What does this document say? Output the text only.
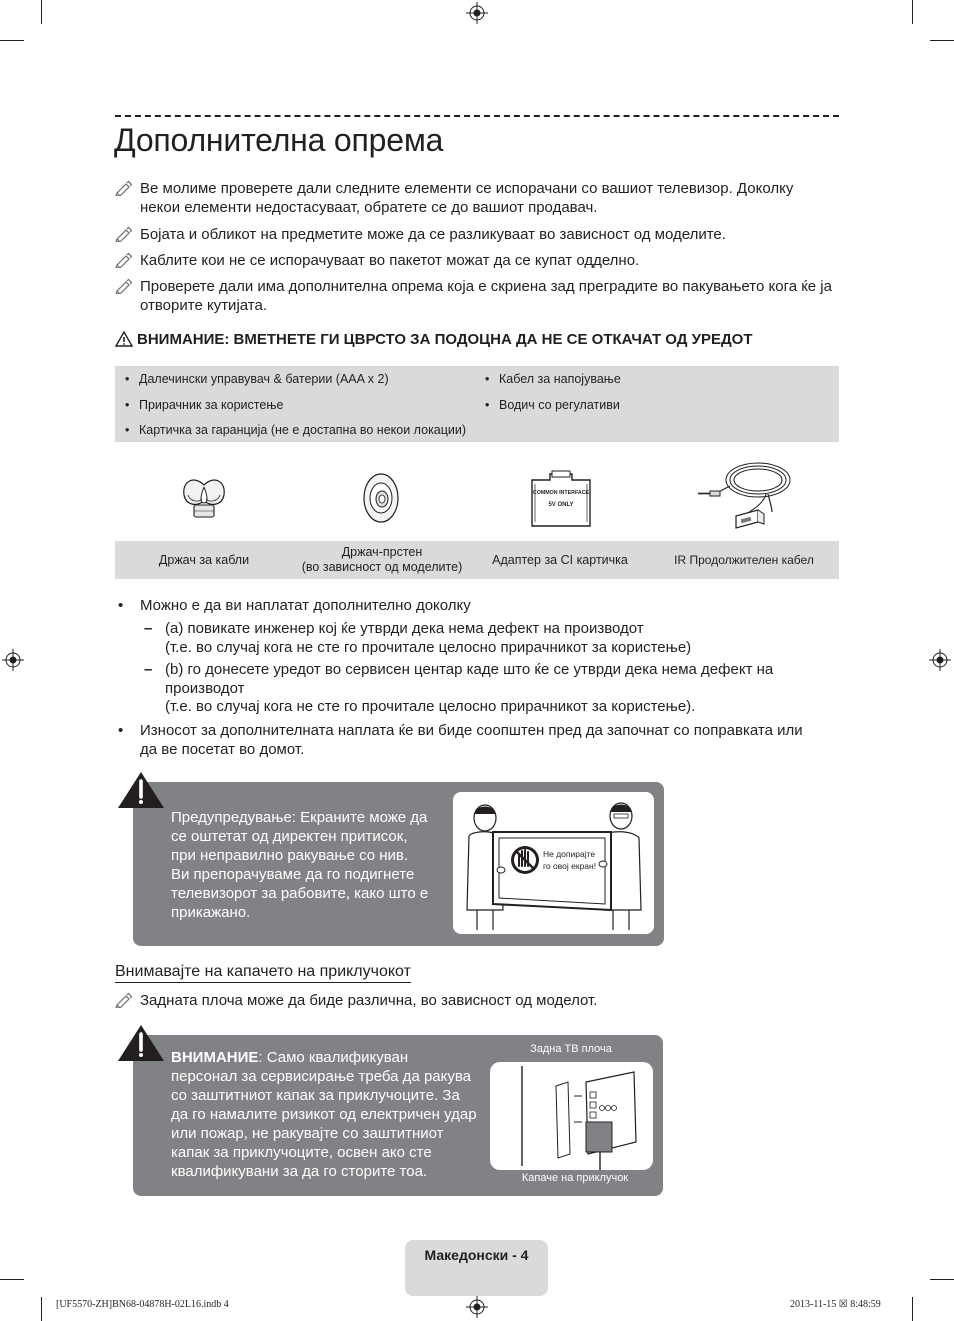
Дополнителна опрема
Ве молиме проверете дали следните елементи се испорачани со вашиот телевизор. Доколку некои елементи недостасуваат, обратете се до вашиот продавач.
Бојата и обликот на предметите може да се разликуваат во зависност од моделите.
Каблите кои не се испорачуваат во пакетот можат да се купат одделно.
Проверете дали има дополнителна опрема која е скриена зад преградите во пакувањето кога ќе ја отворите кутијата.
ВНИМАНИЕ: ВМЕТНЕТЕ ГИ ЦВРСТО ЗА ПОДОЦНА ДА НЕ СЕ ОТКАЧАТ ОД УРЕДОТ
• Далечински управувач & батерии (AAA x 2)
• Прирачник за користење
• Картичка за гаранција (не е достапна во некои локации)
• Кабел за напојување
• Водич со регулативи
COMMON INTERFACE
5V ONLY
Држач за кабли
Држач-прстен
(во зависност од моделите)
Адаптер за CI картичка	IR Продолжителен кабел
• Можно е да ви наплатат дополнително доколку
– (a) повикате инженер кој ќе утврди дека нема дефект на производот
(т.е. во случај кога не сте го прочитале целосно прирачникот за користење)
– (b) го донесете уредот во сервисен центар каде што ќе се утврди дека нема дефект на
производот
(т.е. во случај кога не сте го прочитале целосно прирачникот за користење).
• Износот за дополнителната наплата ќе ви биде соопштен пред да започнат со поправката или
да ве посетат во домот.
Предупредување: Екраните може да
се оштетат од директен притисок,
при неправилно ракување со нив.
Ви препорачуваме да го подигнете
телевизорот за рабовите, како што е
прикажано.
Не допирајте
го овој екран!
Внимавајте на капачето на приклучокот
Задната плоча може да биде различна, во зависност од моделот.
ВНИМАНИЕ: Само квалификуван
персонал за сервисирање треба да ракува
со заштитниот капак за приклучоците. За
да го намалите ризикот од електричен удар
или пожар, не ракувајте со заштитниот
капак за приклучоците, освен ако сте
квалификувани за да го сторите тоа.
Задна ТВ плоча
Капаче на приклучок
Македонски - 4
[UF5570-ZH]BN68-04878H-02L16.indb 4	2013-11-15 ☒ 8:48:59
